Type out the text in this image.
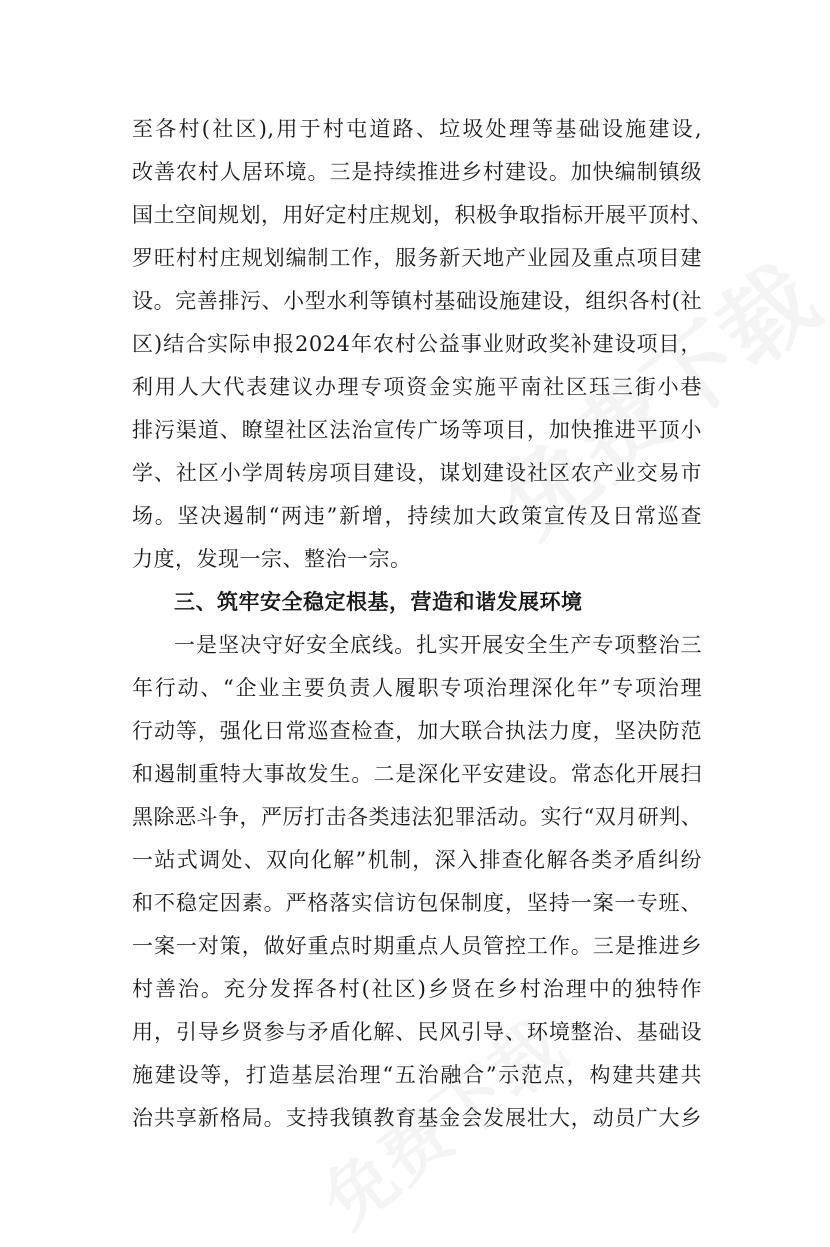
至各村(社区),用于村屯道路、垃圾处理等基础设施建设,
改善农村人居环境。三是持续推进乡村建设。加快编制镇级
国土空间规划，用好定村庄规划，积极争取指标开展平顶村、
罗旺村村庄规划编制工作，服务新天地产业园及重点项目建
设。完善排污、小型水利等镇村基础设施建设，组织各村(社
区)结合实际申报2024年农村公益事业财政奖补建设项目，
利用人大代表建议办理专项资金实施平南社区珏三街小巷
排污渠道、瞭望社区法治宣传广场等项目，加快推进平顶小
学、社区小学周转房项目建设，谋划建设社区农产业交易市
场。坚决遏制“两违”新增，持续加大政策宣传及日常巡查
力度，发现一宗、整治一宗。
三、筑牢安全稳定根基，营造和谐发展环境
一是坚决守好安全底线。扎实开展安全生产专项整治三
年行动、“企业主要负责人履职专项治理深化年”专项治理
行动等，强化日常巡查检查，加大联合执法力度，坚决防范
和遏制重特大事故发生。二是深化平安建设。常态化开展扫
黑除恶斗争，严厉打击各类违法犯罪活动。实行“双月研判、
一站式调处、双向化解”机制，深入排查化解各类矛盾纠纷
和不稳定因素。严格落实信访包保制度，坚持一案一专班、
一案一对策，做好重点时期重点人员管控工作。三是推进乡
村善治。充分发挥各村(社区)乡贤在乡村治理中的独特作
用，引导乡贤参与矛盾化解、民风引导、环境整治、基础设
施建设等，打造基层治理“五治融合”示范点，构建共建共
治共享新格局。支持我镇教育基金会发展壮大，动员广大乡
